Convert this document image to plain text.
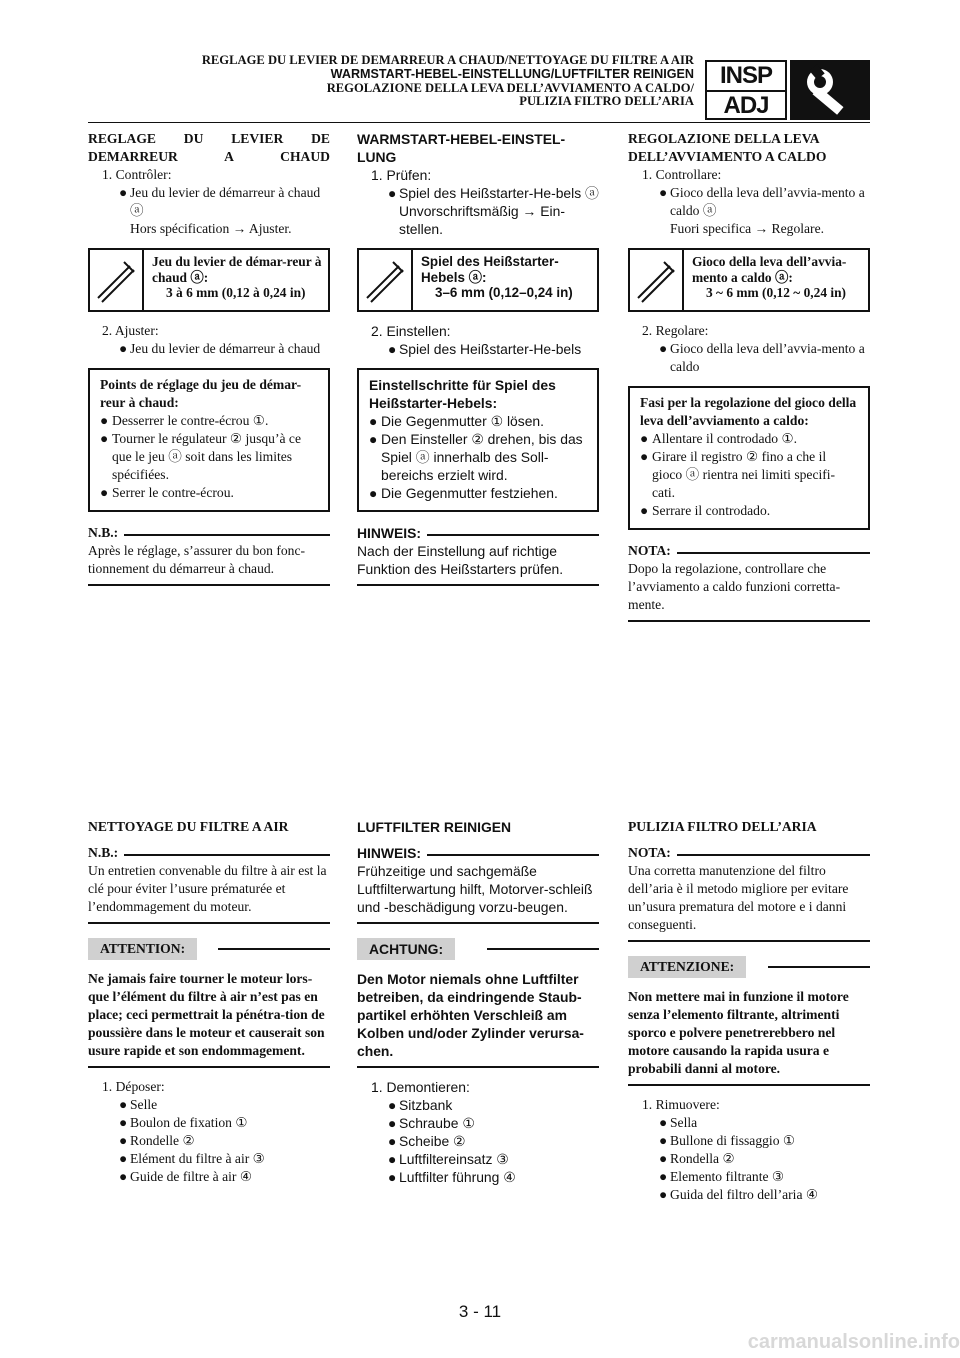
REGLAGE DU LEVIER DE DEMARREUR A CHAUD/NETTOYAGE DU FILTRE A AIR
WARMSTART-HEBEL-EINSTELLUNG/LUFTFILTER REINIGEN
REGOLAZIONE DELLA LEVA DELL’AVVIAMENTO A CALDO/
PULIZIA FILTRO DELL’ARIA
INSP
ADJ
REGLAGE DU LEVIER DE DEMARREUR A CHAUD
1. Contrôler:
● Jeu du levier de démarreur à chaud ⓐ
Hors spécification → Ajuster.
Jeu du levier de démar-reur à chaud ⓐ:
3 à 6 mm (0,12 à 0,24 in)
2. Ajuster:
● Jeu du levier de démarreur à chaud
Points de réglage du jeu de démar-reur à chaud:
● Desserrer le contre-écrou ①.
● Tourner le régulateur ② jusqu’à ce que le jeu ⓐ soit dans les limites spécifiées.
● Serrer le contre-écrou.
N.B.:
Après le réglage, s’assurer du bon fonc-tionnement du démarreur à chaud.
NETTOYAGE DU FILTRE A AIR
N.B.:
Un entretien convenable du filtre à air est la clé pour éviter l’usure prématurée et l’endommagement du moteur.
ATTENTION:
Ne jamais faire tourner le moteur lors-que l’élément du filtre à air n’est pas en place; ceci permettrait la pénétra-tion de poussière dans le moteur et causerait son usure rapide et son endommagement.
1. Déposer:
● Selle
● Boulon de fixation ①
● Rondelle ②
● Elément du filtre à air ③
● Guide de filtre à air ④
WARMSTART-HEBEL-EINSTEL-LUNG
1. Prüfen:
● Spiel des Heißstarter-He-bels ⓐ
Unvorschriftsmäßig → Ein-stellen.
Spiel des Heißstarter-Hebels ⓐ:
3–6 mm (0,12–0,24 in)
2. Einstellen:
● Spiel des Heißstarter-He-bels
Einstellschritte für Spiel des Heißstarter-Hebels:
● Die Gegenmutter ① lösen.
● Den Einsteller ② drehen, bis das Spiel ⓐ innerhalb des Soll-bereichs erzielt wird.
● Die Gegenmutter festziehen.
HINWEIS:
Nach der Einstellung auf richtige Funktion des Heißstarters prüfen.
LUFTFILTER REINIGEN
HINWEIS:
Frühzeitige und sachgemäße Luftfilterwartung hilft, Motorver-schleiß und -beschädigung vorzu-beugen.
ACHTUNG:
Den Motor niemals ohne Luftfilter betreiben, da eindringende Staub-partikel erhöhten Verschleiß am Kolben und/oder Zylinder verursa-chen.
1. Demontieren:
● Sitzbank
● Schraube ①
● Scheibe ②
● Luftfiltereinsatz ③
● Luftfilter führung ④
REGOLAZIONE DELLA LEVA DELL’AVVIAMENTO A CALDO
1. Controllare:
● Gioco della leva dell’avvia-mento a caldo ⓐ
Fuori specifica → Regolare.
Gioco della leva dell’avvia-mento a caldo ⓐ:
3 ~ 6 mm (0,12 ~ 0,24 in)
2. Regolare:
● Gioco della leva dell’avvia-mento a caldo
Fasi per la regolazione del gioco della leva dell’avviamento a caldo:
● Allentare il controdado ①.
● Girare il registro ② fino a che il gioco ⓐ rientra nei limiti specifi-cati.
● Serrare il controdado.
NOTA:
Dopo la regolazione, controllare che l’avviamento a caldo funzioni corretta-mente.
PULIZIA FILTRO DELL’ARIA
NOTA:
Una corretta manutenzione del filtro dell’aria è il metodo migliore per evitare un’usura prematura del motore e i danni conseguenti.
ATTENZIONE:
Non mettere mai in funzione il motore senza l’elemento filtrante, altrimenti sporco e polvere penetrerebbero nel motore causando la rapida usura e probabili danni al motore.
1. Rimuovere:
● Sella
● Bullone di fissaggio ①
● Rondella ②
● Elemento filtrante ③
● Guida del filtro dell’aria ④
3 - 11
carmanualsonline.info
